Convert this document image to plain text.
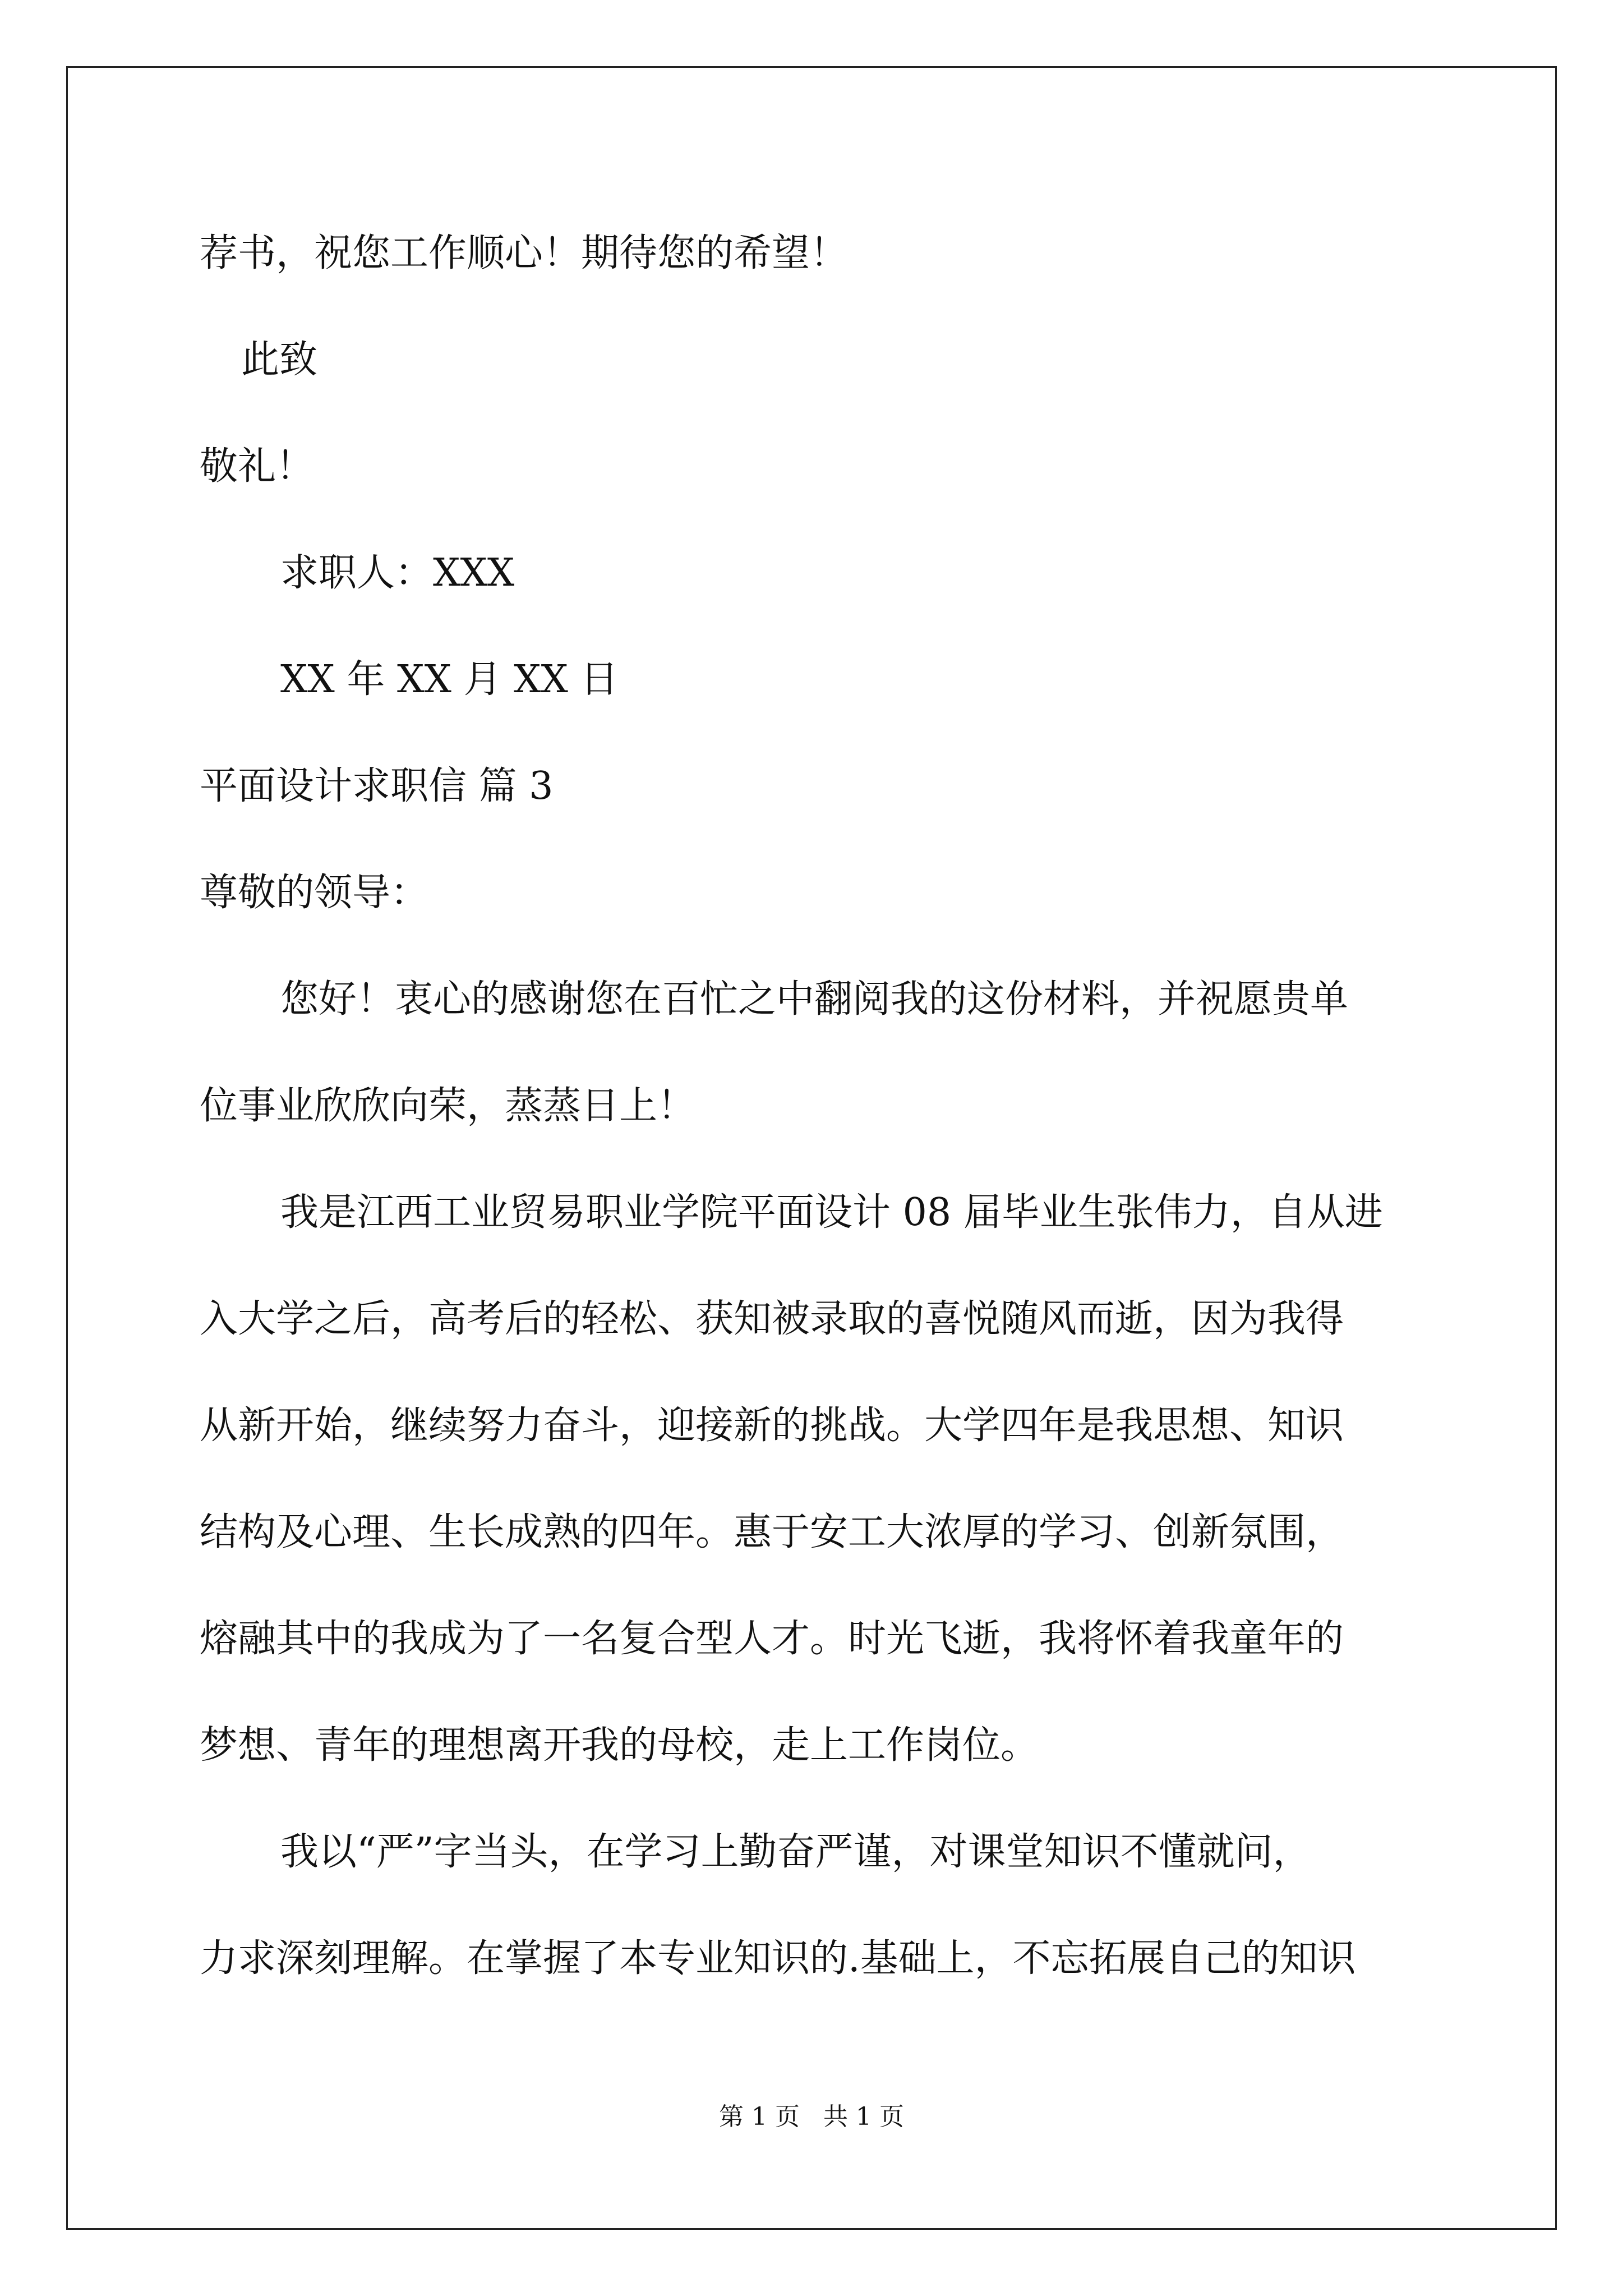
荐书，祝您工作顺心！期待您的希望！
此致
敬礼！
求职人：XXX
XX 年 XX 月 XX 日
平面设计求职信 篇 3
尊敬的领导：
您好！衷心的感谢您在百忙之中翻阅我的这份材料，并祝愿贵单
位事业欣欣向荣，蒸蒸日上！
我是江西工业贸易职业学院平面设计 08 届毕业生张伟力，自从进
入大学之后，高考后的轻松、获知被录取的喜悦随风而逝，因为我得
从新开始，继续努力奋斗，迎接新的挑战。大学四年是我思想、知识
结构及心理、生长成熟的四年。惠于安工大浓厚的学习、创新氛围，
熔融其中的我成为了一名复合型人才。时光飞逝，我将怀着我童年的
梦想、青年的理想离开我的母校，走上工作岗位。
我以“严”字当头，在学习上勤奋严谨，对课堂知识不懂就问，
力求深刻理解。在掌握了本专业知识的.基础上，不忘拓展自己的知识
第 1 页   共 1 页
